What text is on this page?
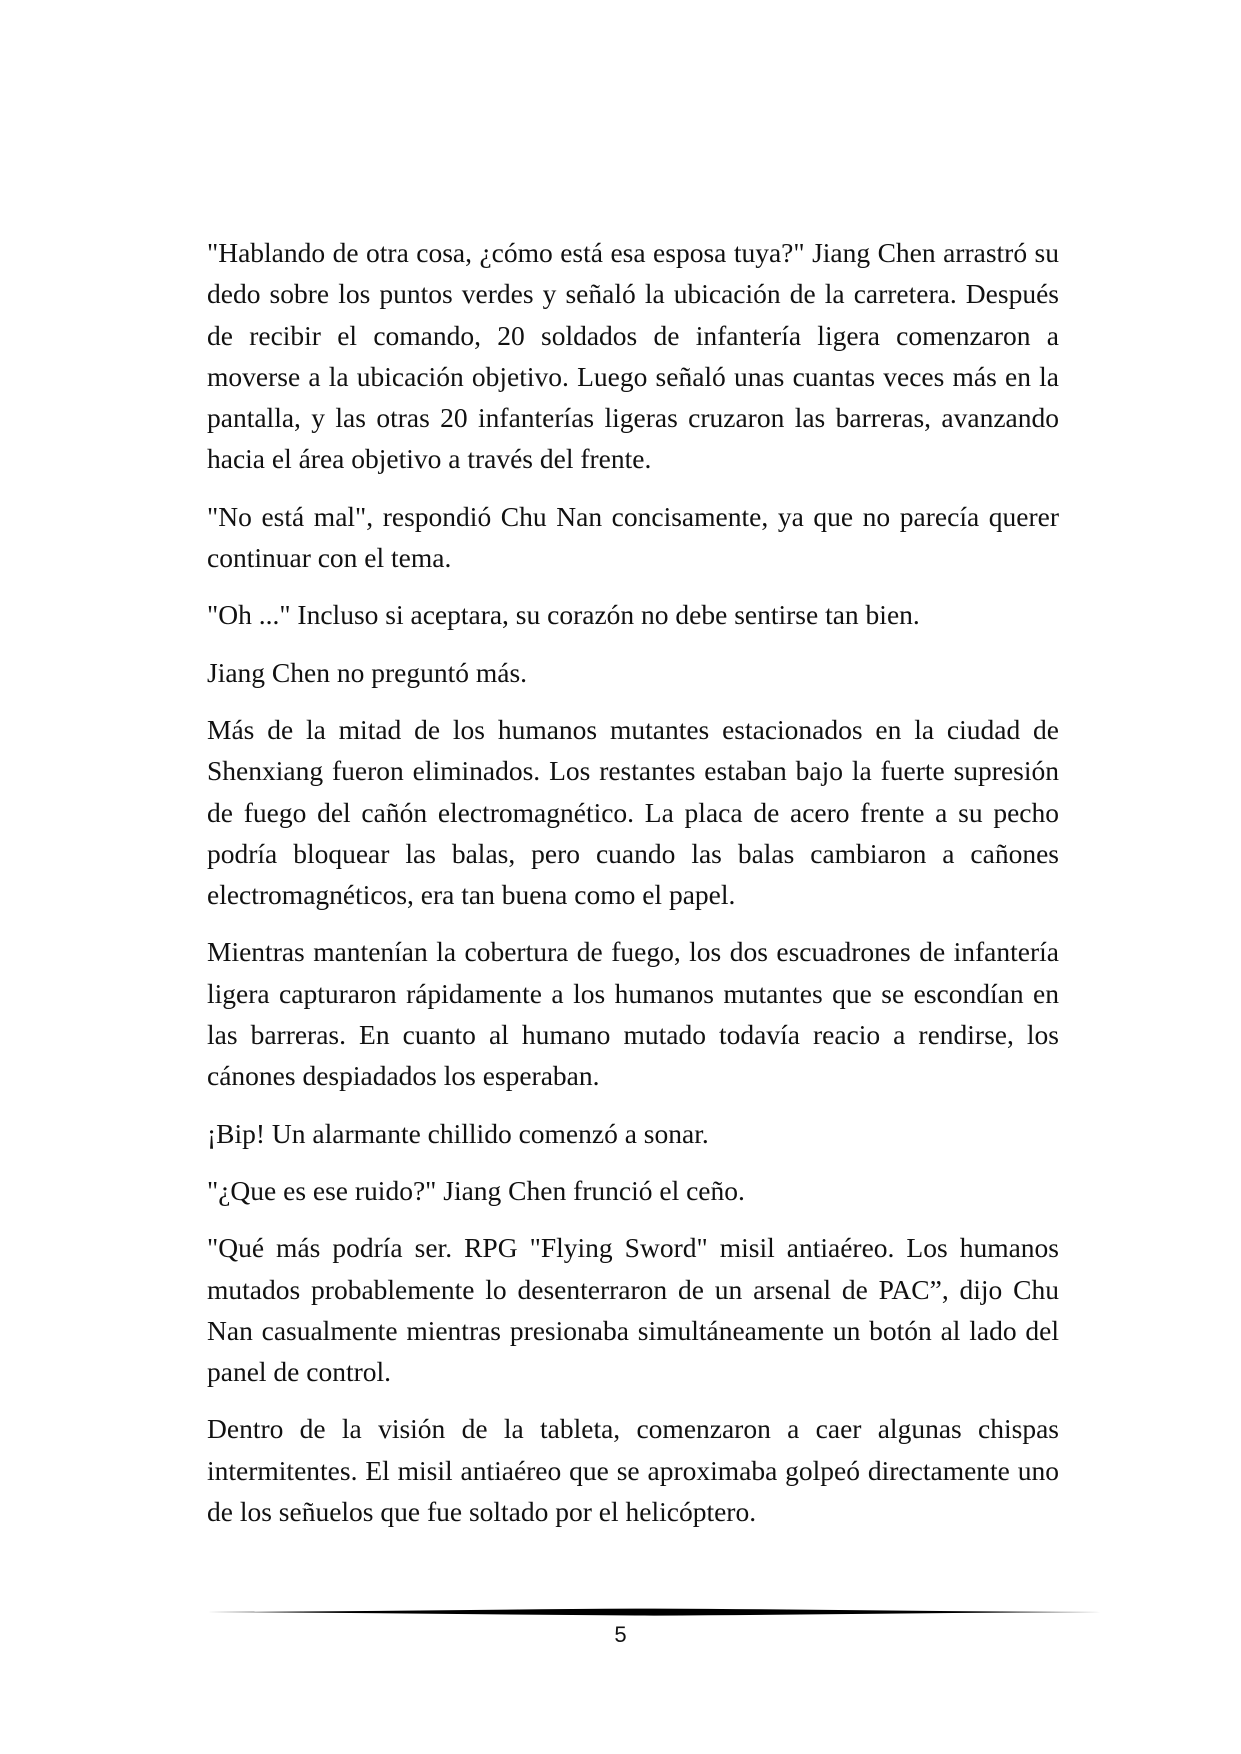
"Hablando de otra cosa, ¿cómo está esa esposa tuya?" Jiang Chen arrastró su dedo sobre los puntos verdes y señaló la ubicación de la carretera. Después de recibir el comando, 20 soldados de infantería ligera comenzaron a moverse a la ubicación objetivo. Luego señaló unas cuantas veces más en la pantalla, y las otras 20 infanterías ligeras cruzaron las barreras, avanzando hacia el área objetivo a través del frente.

"No está mal", respondió Chu Nan concisamente, ya que no parecía querer continuar con el tema.

"Oh ..." Incluso si aceptara, su corazón no debe sentirse tan bien.

Jiang Chen no preguntó más.

Más de la mitad de los humanos mutantes estacionados en la ciudad de Shenxiang fueron eliminados. Los restantes estaban bajo la fuerte supresión de fuego del cañón electromagnético. La placa de acero frente a su pecho podría bloquear las balas, pero cuando las balas cambiaron a cañones electromagnéticos, era tan buena como el papel.

Mientras mantenían la cobertura de fuego, los dos escuadrones de infantería ligera capturaron rápidamente a los humanos mutantes que se escondían en las barreras. En cuanto al humano mutado todavía reacio a rendirse, los cánones despiadados los esperaban.

¡Bip! Un alarmante chillido comenzó a sonar.

"¿Que es ese ruido?" Jiang Chen frunció el ceño.

"Qué más podría ser. RPG "Flying Sword" misil antiaéreo. Los humanos mutados probablemente lo desenterraron de un arsenal de PAC”, dijo Chu Nan casualmente mientras presionaba simultáneamente un botón al lado del panel de control.

Dentro de la visión de la tableta, comenzaron a caer algunas chispas intermitentes. El misil antiaéreo que se aproximaba golpeó directamente uno de los señuelos que fue soltado por el helicóptero.

5
